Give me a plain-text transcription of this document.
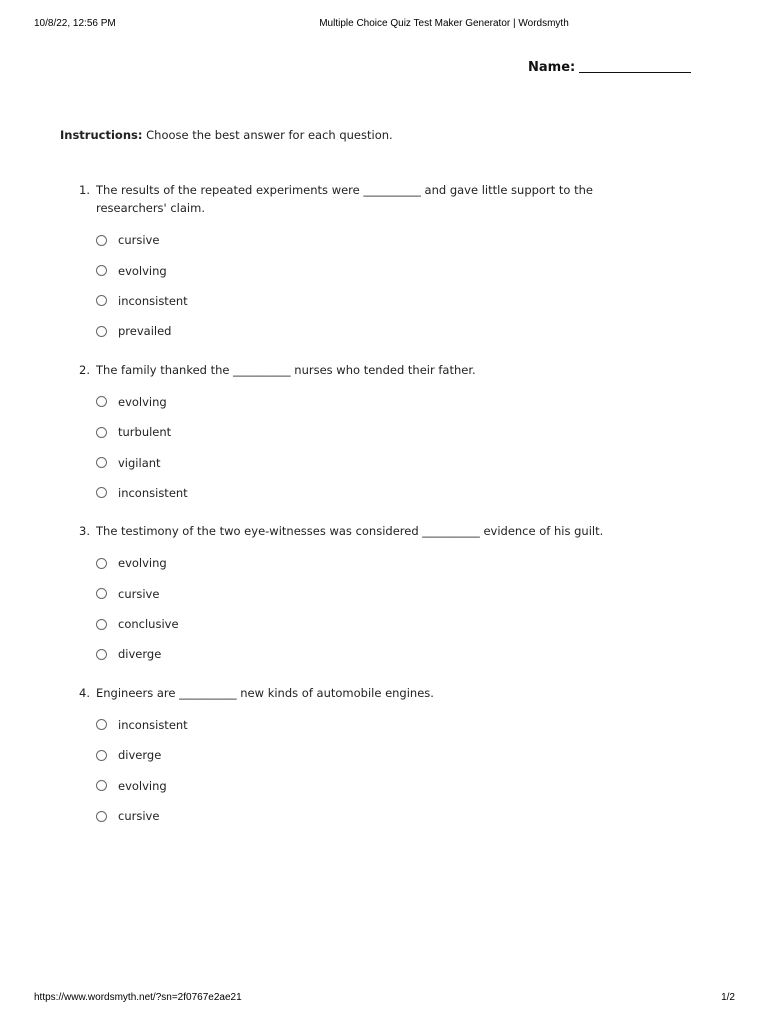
10/8/22, 12:56 PM	Multiple Choice Quiz Test Maker Generator | Wordsmyth
Name:
Instructions: Choose the best answer for each question.
1. The results of the repeated experiments were __________ and gave little support to the researchers' claim.
cursive
evolving
inconsistent
prevailed
2. The family thanked the __________ nurses who tended their father.
evolving
turbulent
vigilant
inconsistent
3. The testimony of the two eye-witnesses was considered __________ evidence of his guilt.
evolving
cursive
conclusive
diverge
4. Engineers are __________ new kinds of automobile engines.
inconsistent
diverge
evolving
cursive
https://www.wordsmyth.net/?sn=2f0767e2ae21	1/2
